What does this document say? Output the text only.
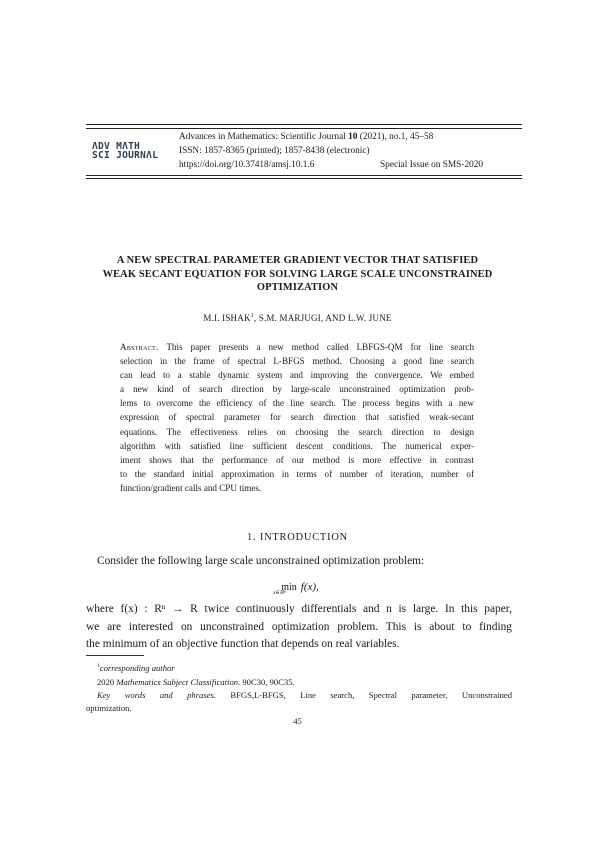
ΛDV MΛTH
SCI JOURNΛL
Advances in Mathematics: Scientific Journal 10 (2021), no.1, 45–58
ISSN: 1857-8365 (printed); 1857-8438 (electronic)
https://doi.org/10.37418/amsj.10.1.6	Special Issue on SMS-2020
A NEW SPECTRAL PARAMETER GRADIENT VECTOR THAT SATISFIED
WEAK SECANT EQUATION FOR SOLVING LARGE SCALE UNCONSTRAINED
OPTIMIZATION
M.I. ISHAK$^1$, S.M. MARJUGI, AND L.W. JUNE
Abstract. This paper presents a new method called LBFGS-QM for line search
selection in the frame of spectral L-BFGS method. Choosing a good line search
can lead to a stable dynamic system and improving the convergence. We embed
a new kind of search direction by large-scale unconstrained optimization prob-
lems to overcome the efficiency of the line search. The process begins with a new
expression of spectral parameter for search direction that satisfied weak-secant
equations. The effectiveness relies on choosing the search direction to design
algorithm with satisfied line sufficient descent conditions. The numerical exper-
iment shows that the performance of our method is more effective in contrast
to the standard initial approximation in terms of number of iteration, number of
function/gradient calls and CPU times.
1. INTRODUCTION
Consider the following large scale unconstrained optimization problem:
min f(x),
x∈ℝⁿ
where f(x) : Rⁿ → R twice continuously differentials and n is large. In this paper,
we are interested on unconstrained optimization problem. This is about to finding
the minimum of an objective function that depends on real variables.
$^1$corresponding author
2020 Mathematics Subject Classification. 90C30, 90C35.
Key words and phrases. BFGS,L-BFGS, Line search, Spectral parameter, Unconstrained
optimization.
45
